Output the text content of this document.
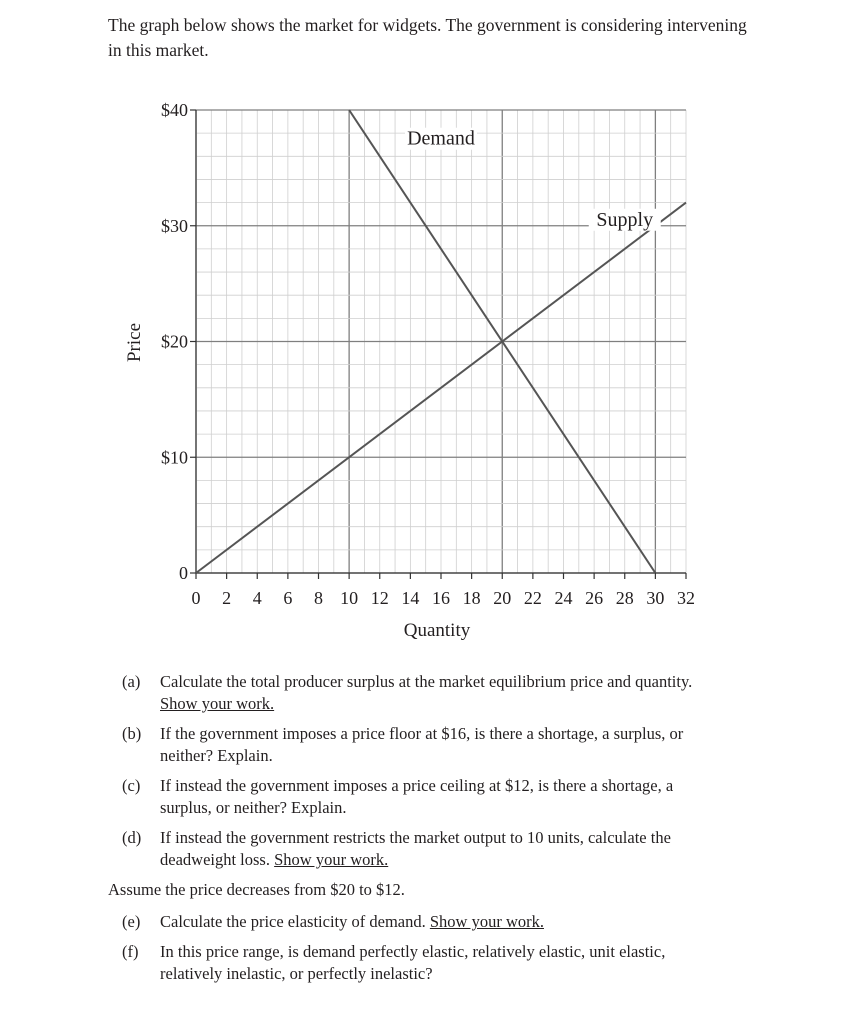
The graph below shows the market for widgets. The government is considering intervening in this market.
0
$10
$20
$30
$40
0 2 4 6 8 10 12 14 16 18 20 22 24 26 28 30 32
Quantity
Price
Demand
Supply
(a)	Calculate the total producer surplus at the market equilibrium price and quantity. Show your work.
(b)	If the government imposes a price floor at $16, is there a shortage, a surplus, or neither? Explain.
(c)	If instead the government imposes a price ceiling at $12, is there a shortage, a surplus, or neither? Explain.
(d)	If instead the government restricts the market output to 10 units, calculate the deadweight loss. Show your work.
Assume the price decreases from $20 to $12.
(e)	Calculate the price elasticity of demand. Show your work.
(f)	In this price range, is demand perfectly elastic, relatively elastic, unit elastic, relatively inelastic, or perfectly inelastic?
